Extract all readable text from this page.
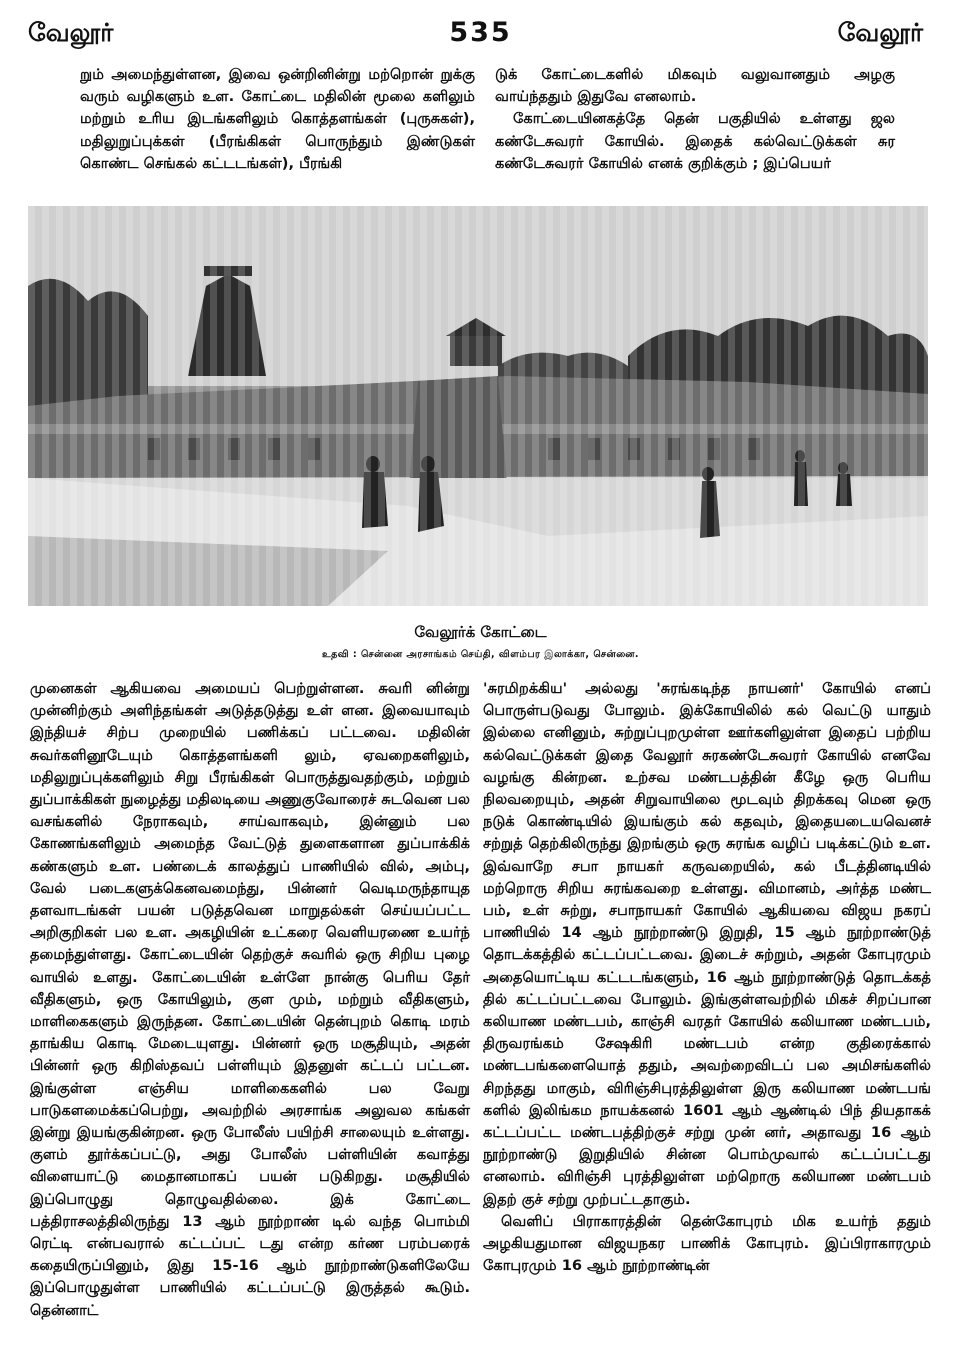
வேலூர்	535	வேலூர்

றும் அமைந்துள்ளன, இவை ஒன்றினின்று மற்றொன் றுக்கு வரும் வழிகளும் உள. கோட்டை மதிலின் மூலை களிலும் மற்றும் உரிய இடங்களிலும் கொத்தளங்கள் (புருசுகள்), மதிலுறுப்புக்கள் (பீரங்கிகள் பொருந்தும் இண்டுகள் கொண்ட செங்கல் கட்டடங்கள்), பீரங்கி

டுக் கோட்டைகளில் மிகவும் வலுவானதும் அழகு வாய்ந்ததும் இதுவே எனலாம்.

கோட்டையினகத்தே தென் பகுதியில் உள்ளது ஜல கண்டேசுவரர் கோயில். இதைக் கல்வெட்டுக்கள் சுர கண்டேசுவரர் கோயில் எனக் குறிக்கும் ; இப்பெயர்

வேலூர்க் கோட்டை
உதவி : சென்னை அரசாங்கம் செய்தி, விளம்பர இலாக்கா, சென்னை.

முனைகள் ஆகியவை அமையப் பெற்றுள்ளன. சுவரி னின்று முன்னிற்கும் அளிந்தங்கள் அடுத்தடுத்து உள் ளன. இவையாவும் இந்தியச் சிற்ப முறையில் பணிக்கப் பட்டவை. மதிலின் சுவர்களினூடேயும் கொத்தளங்களி லும், ஏவறைகளிலும், மதிலுறுப்புக்களிலும் சிறு பீரங்கிகள் பொருத்துவதற்கும், மற்றும் துப்பாக்கிகள் நுழைத்து மதிலடியை அணுகுவோரைச் சுடவென பல வசங்களில் நேராகவும், சாய்வாகவும், இன்னும் பல கோணங்களிலும் அமைந்த வேட்டுத் துளைகளான துப்பாக்கிக் கண்களும் உள. பண்டைக் காலத்துப் பாணியில் வில், அம்பு, வேல் படைகளுக்கெனவமைந்து, பின்னர் வெடிமருந்தாயுத தளவாடங்கள் பயன் படுத்தவென மாறுதல்கள் செய்யப்பட்ட அறிகுறிகள் பல உள. அகழியின் உட்கரை வெளியரணை உயர்ந் தமைந்துள்ளது. கோட்டையின் தெற்குச் சுவரில் ஒரு சிறிய புழை வாயில் உளது. கோட்டையின் உள்ளே நான்கு பெரிய தேர் வீதிகளும், ஒரு கோயிலும், குள மும், மற்றும் வீதிகளும், மாளிகைகளும் இருந்தன. கோட்டையின் தென்புறம் கொடி மரம் தாங்கிய கொடி மேடையுளது. பின்னர் ஒரு மசூதியும், அதன் பின்னர் ஒரு கிறிஸ்தவப் பள்ளியும் இதனுள் கட்டப் பட்டன. இங்குள்ள எஞ்சிய மாளிகைகளில் பல வேறு பாடுகளமைக்கப்பெற்று, அவற்றில் அரசாங்க அலுவல கங்கள் இன்று இயங்குகின்றன. ஒரு போலீஸ் பயிற்சி சாலையும் உள்ளது. குளம் தூர்க்கப்பட்டு, அது போலீஸ் பள்ளியின் கவாத்து விளையாட்டு மைதானமாகப் பயன் படுகிறது. மசூதியில் இப்பொழுது தொழுவதில்லை. இக் கோட்டை பத்திராசலத்திலிருந்து 13 ஆம் நூற்றாண் டில் வந்த பொம்மி ரெட்டி என்பவரால் கட்டப்பட் டது என்ற கர்ண பரம்பரைக் கதையிருப்பினும், இது 15-16 ஆம் நூற்றாண்டுகளிலேயே இப்பொழுதுள்ள பாணியில் கட்டப்பட்டு இருத்தல் கூடும். தென்னாட்

'சுரமிறக்கிய' அல்லது 'சுரங்கடிந்த நாயனர்' கோயில் எனப் பொருள்படுவது போலும். இக்கோயிலில் கல் வெட்டு யாதும் இல்லை எனினும், சுற்றுப்புறமுள்ள ஊர்களிலுள்ள இதைப் பற்றிய கல்வெட்டுக்கள் இதை வேலூர் சுரகண்டேசுவரர் கோயில் எனவே வழங்கு கின்றன. உற்சவ மண்டபத்தின் கீழே ஒரு பெரிய நிலவறையும், அதன் சிறுவாயிலை மூடவும் திறக்கவு மென ஒரு நடுக் கொண்டியில் இயங்கும் கல் கதவும், இதையடையவெனச் சற்றுத் தெற்கிலிருந்து இறங்கும் ஒரு சுரங்க வழிப் படிக்கட்டும் உள. இவ்வாறே சபா நாயகர் கருவறையில், கல் பீடத்தினடியில் மற்றொரு சிறிய சுரங்கவறை உள்ளது. விமானம், அர்த்த மண்ட பம், உள் சுற்று, சபாநாயகர் கோயில் ஆகியவை விஜய நகரப் பாணியில் 14 ஆம் நூற்றாண்டு இறுதி, 15 ஆம் நூற்றாண்டுத் தொடக்கத்தில் கட்டப்பட்டவை. இடைச் சுற்றும், அதன் கோபுரமும் அதையொட்டிய கட்டடங்களும், 16 ஆம் நூற்றாண்டுத் தொடக்கத் தில் கட்டப்பட்டவை போலும். இங்குள்ளவற்றில் மிகச் சிறப்பான கலியாண மண்டபம், காஞ்சி வரதர் கோயில் கலியாண மண்டபம், திருவரங்கம் சேஷகிரி மண்டபம் என்ற குதிரைக்கால் மண்டபங்களையொத் ததும், அவற்றைவிடப் பல அமிசங்களில் சிறந்தது மாகும், விரிஞ்சிபுரத்திலுள்ள இரு கலியாண மண்டபங் களில் இலிங்கம நாயக்கனல் 1601 ஆம் ஆண்டில் பிந் தியதாகக் கட்டப்பட்ட மண்டபத்திற்குச் சற்று முன் னர், அதாவது 16 ஆம் நூற்றாண்டு இறுதியில் சின்ன பொம்முவால் கட்டப்பட்டது எனலாம். விரிஞ்சி புரத்திலுள்ள மற்றொரு கலியாண மண்டபம் இதற் குச் சற்று முற்பட்டதாகும்.

வெளிப் பிராகாரத்தின் தென்கோபுரம் மிக உயர்ந் ததும் அழகியதுமான விஜயநகர பாணிக் கோபுரம். இப்பிராகாரமும் கோபுரமும் 16 ஆம் நூற்றாண்டின்
